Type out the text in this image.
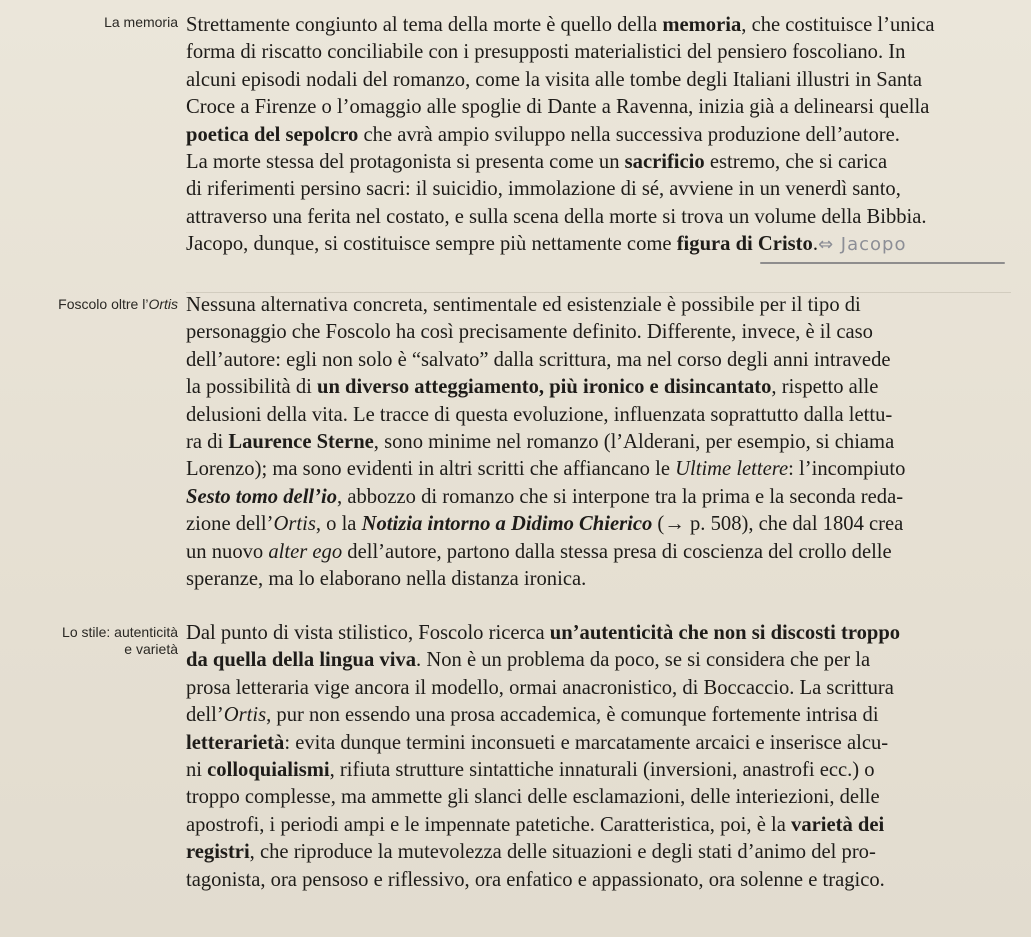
La memoria Strettamente congiunto al tema della morte è quello della memoria, che costituisce l’unica
forma di riscatto conciliabile con i presupposti materialistici del pensiero foscoliano. In
alcuni episodi nodali del romanzo, come la visita alle tombe degli Italiani illustri in Santa
Croce a Firenze o l’omaggio alle spoglie di Dante a Ravenna, inizia già a delinearsi quella
poetica del sepolcro che avrà ampio sviluppo nella successiva produzione dell’autore.
La morte stessa del protagonista si presenta come un sacrificio estremo, che si carica
di riferimenti persino sacri: il suicidio, immolazione di sé, avviene in un venerdì santo,
attraverso una ferita nel costato, e sulla scena della morte si trova un volume della Bibbia.
Jacopo, dunque, si costituisce sempre più nettamente come figura di Cristo.⇔ Jacopo
Foscolo oltre l’Ortis Nessuna alternativa concreta, sentimentale ed esistenziale è possibile per il tipo di
personaggio che Foscolo ha così precisamente definito. Differente, invece, è il caso
dell’autore: egli non solo è “salvato” dalla scrittura, ma nel corso degli anni intravede
la possibilità di un diverso atteggiamento, più ironico e disincantato, rispetto alle
delusioni della vita. Le tracce di questa evoluzione, influenzata soprattutto dalla lettu-
ra di Laurence Sterne, sono minime nel romanzo (l’Alderani, per esempio, si chiama
Lorenzo); ma sono evidenti in altri scritti che affiancano le Ultime lettere: l’incompiuto
Sesto tomo dell’io, abbozzo di romanzo che si interpone tra la prima e la seconda reda-
zione dell’Ortis, o la Notizia intorno a Didimo Chierico (→ p. 508), che dal 1804 crea
un nuovo alter ego dell’autore, partono dalla stessa presa di coscienza del crollo delle
speranze, ma lo elaborano nella distanza ironica.
Lo stile: autenticità
e varietà
Dal punto di vista stilistico, Foscolo ricerca un’autenticità che non si discosti troppo
da quella della lingua viva. Non è un problema da poco, se si considera che per la
prosa letteraria vige ancora il modello, ormai anacronistico, di Boccaccio. La scrittura
dell’Ortis, pur non essendo una prosa accademica, è comunque fortemente intrisa di
letterarietà: evita dunque termini inconsueti e marcatamente arcaici e inserisce alcu-
ni colloquialismi, rifiuta strutture sintattiche innaturali (inversioni, anastrofi ecc.) o
troppo complesse, ma ammette gli slanci delle esclamazioni, delle interiezioni, delle
apostrofi, i periodi ampi e le impennate patetiche. Caratteristica, poi, è la varietà dei
registri, che riproduce la mutevolezza delle situazioni e degli stati d’animo del pro-
tagonista, ora pensoso e riflessivo, ora enfatico e appassionato, ora solenne e tragico.
